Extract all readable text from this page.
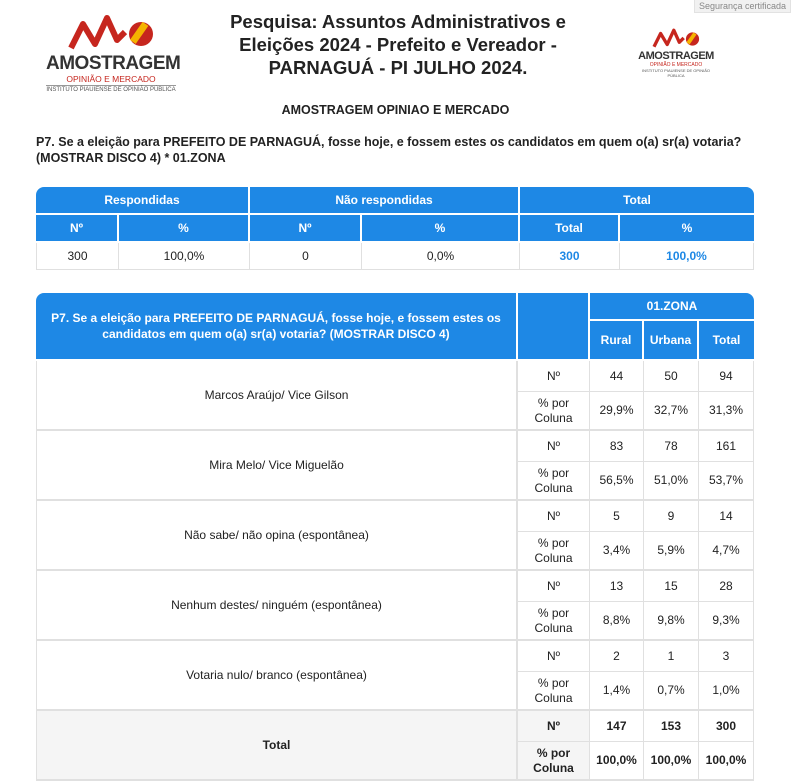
Segurança certificada
AMOSTRAGEM
OPINIÃO E MERCADO
INSTITUTO PIAUIENSE DE OPINIÃO PÚBLICA
Pesquisa: Assuntos Administrativos e Eleições 2024 - Prefeito e Vereador - PARNAGUÁ - PI JULHO 2024.
AMOSTRAGEM
OPINIÃO E MERCADO
INSTITUTO PIAUIENSE DE OPINIÃO PÚBLICA
AMOSTRAGEM OPINIAO E MERCADO
P7. Se a eleição para PREFEITO DE PARNAGUÁ, fosse hoje, e fossem estes os candidatos em quem o(a) sr(a) votaria? (MOSTRAR DISCO 4) * 01.ZONA
Respondidas		Não respondidas		Total	
Nº	%	Nº	%	Total	%
300	100,0%	0	0,0%	300	100,0%
P7. Se a eleição para PREFEITO DE PARNAGUÁ, fosse hoje, e fossem estes os candidatos em quem o(a) sr(a) votaria? (MOSTRAR DISCO 4)		01.ZONA		
		Rural	Urbana	Total
Marcos Araújo/ Vice Gilson	Nº	44	50	94
	% por Coluna	29,9%	32,7%	31,3%
Mira Melo/ Vice Miguelão	Nº	83	78	161
	% por Coluna	56,5%	51,0%	53,7%
Não sabe/ não opina (espontânea)	Nº	5	9	14
	% por Coluna	3,4%	5,9%	4,7%
Nenhum destes/ ninguém (espontânea)	Nº	13	15	28
	% por Coluna	8,8%	9,8%	9,3%
Votaria nulo/ branco (espontânea)	Nº	2	1	3
	% por Coluna	1,4%	0,7%	1,0%
Total	Nº	147	153	300
	% por Coluna	100,0%	100,0%	100,0%
